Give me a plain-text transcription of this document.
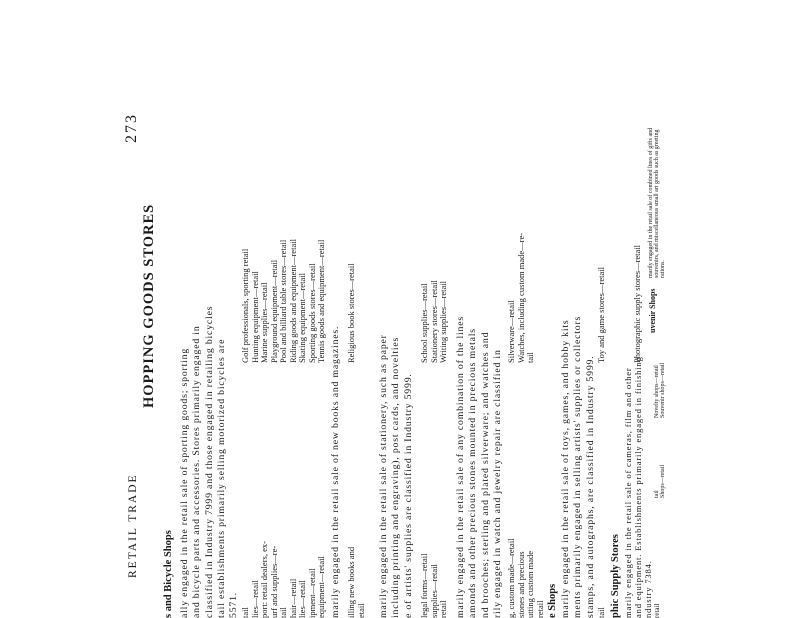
RETAIL TRADE
273
HOPPING GOODS STORES
s and Bicycle Shops ally engaged in the retail sale of sporting goods; sporting
and bicycle parts and accessories. Stores primarily engaged in
classified in Industry 7999 and those engaged in retailing bicycles
tail establishments primarily selling motorized bicycles are
5571. tail
lies—retail
port: retail dealers, ex-
urf and supplies—re-
tail
hair—retail
lies—retail
ipment—retail
equipment—retail
Golf professionals, sporting retail
Hunting equipment—retail
Marine supplies—retail
Playground equipment—retail
Pool and billiard table stores—retail
Riding goods and equipment—retail
Skating equipment—retail
Sporting goods stores—retail
Tennis goods and equipment—retail
marily engaged in the retail sale of new books and magazines. illing new books and
etail
Religious book stores—retail
marily engaged in the retail sale of stationery, such as paper
including printing and engraving), post cards, and novelties
e of artists' supplies are classified in Industry 5999.
legal forms—retail
supplies—retail
retail
School supplies—retail
Stationery stores—retail
Writing supplies—retail
marily engaged in the retail sale of any combination of the lines
amonds and other precious stones mounted in precious metals
nd brooches; sterling and plated silverware; and watches and
rily engaged in watch and jewelry repair are classified in
g, custom made—retail
stones and precious
utting custom made
retail
Silverware—retail
Watches, including custom made—re-
tail
e Shops marily engaged in the retail sale of toys, games, and hobby kits
ments primarily engaged in selling artists' supplies or collectors
stamps, and autographs, are classified in Industry 5999.
tail
Toy and game stores—retail
phic Supply Stores marily engaged in the retail sale of cameras, film and other
and equipment. Establishments primarily engaged in finishing
ndustry 7384.
Photographic supply stores—retail
retail
uvenir Shops
marily engaged in the retail sale of combined lines of gifts and
souvenirs, and miscellaneous small art goods such as greeting
rations.
tail
Shops—retail
Novelty shops—retail
Souvenir shops—retail
